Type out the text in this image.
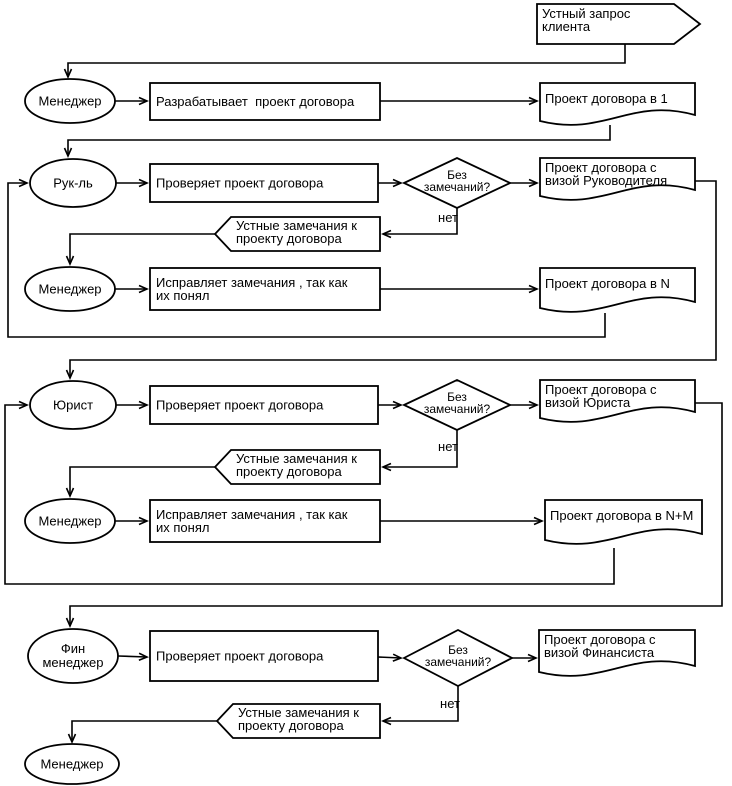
нет
нет
нет
Устный запрос
клиента
Менеджер	Разрабатывает  проект договора	Проект договора в 1
Рук-ль	Проверяет проект договора
Без
замечаний?
Проект договора с
визой Руководителя
Устные замечания к
проекту договора
Менеджер	Исправляет замечания , так как
их понял
Проект договора в N
Юрист	Проверяет проект договора
Без
замечаний?
Проект договора с
визой Юриста
Устные замечания к
проекту договора
Менеджер	Исправляет замечания , так как
их понял
Проект договора в N+M
Фин
менеджер	Проверяет проект договора	Без
замечаний?
Проект договора с
визой Финансиста
Устные замечания к
проекту договора
Менеджер
